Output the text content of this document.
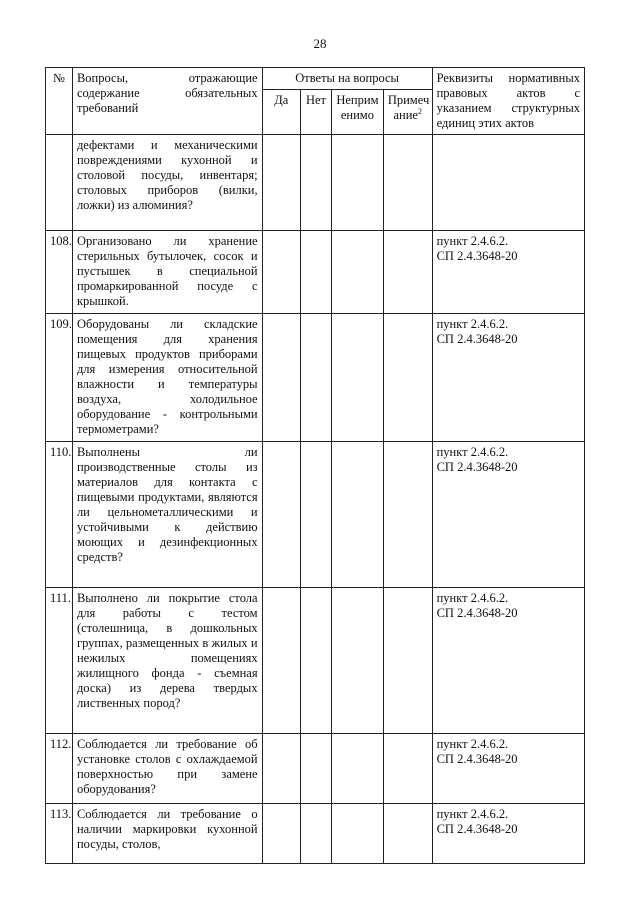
28
№	Вопросы, отражающие содержание обязательных требований	Ответы на вопросы				Реквизиты нормативных правовых актов с указанием структурных единиц этих актов
		Да	Нет	Неприм енимо	Примеч ание$^2$
	дефектами и механическими повреждениями кухонной и столовой посуды, инвентаря; столовых приборов (вилки, ложки) из алюминия?					
108.	Организовано ли хранение стерильных бутылочек, сосок и пустышек в специальной промаркированной посуде с крышкой.					пункт 2.4.6.2.
СП 2.4.3648-20
109.	Оборудованы ли складские помещения для хранения пищевых продуктов приборами для измерения относительной влажности и температуры воздуха, холодильное оборудование - контрольными термометрами?					пункт 2.4.6.2.
СП 2.4.3648-20
110.	Выполнены ли производственные столы из материалов для контакта с пищевыми продуктами, являются ли цельнометаллическими и устойчивыми к действию моющих и дезинфекционных средств?					пункт 2.4.6.2.
СП 2.4.3648-20
111.	Выполнено ли покрытие стола для работы с тестом (столешница, в дошкольных группах, размещенных в жилых и нежилых помещениях жилищного фонда - съемная доска) из дерева твердых лиственных пород?					пункт 2.4.6.2.
СП 2.4.3648-20
112.	Соблюдается ли требование об установке столов с охлаждаемой поверхностью при замене оборудования?					пункт 2.4.6.2.
СП 2.4.3648-20
113.	Соблюдается ли требование о наличии маркировки кухонной посуды, столов,					пункт 2.4.6.2.
СП 2.4.3648-20
